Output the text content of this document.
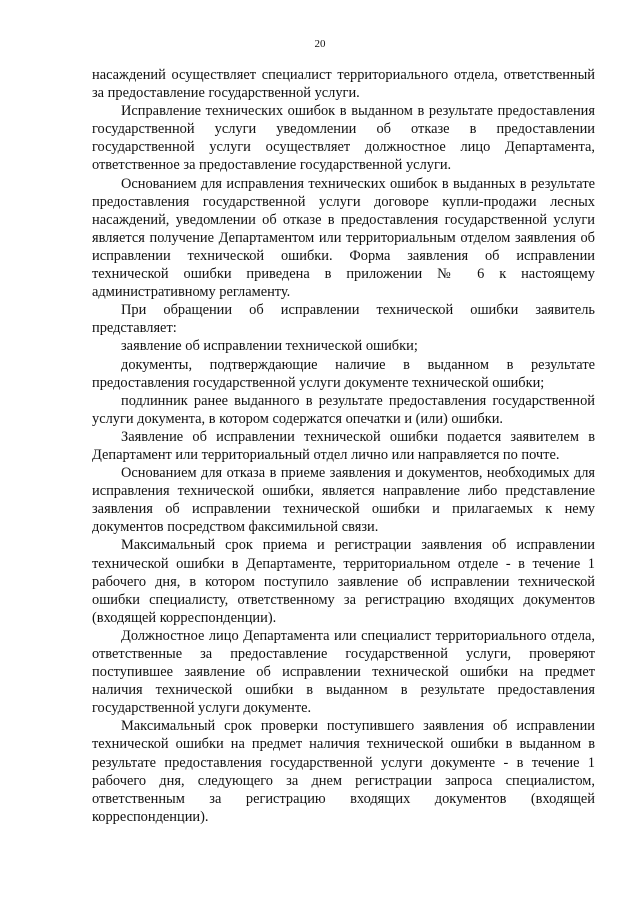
20

насаждений осуществляет специалист территориального отдела, ответственный за предоставление государственной услуги.

Исправление технических ошибок в выданном в результате предоставления государственной услуги уведомлении об отказе в предоставлении государственной услуги осуществляет должностное лицо Департамента, ответственное за предоставление государственной услуги.

Основанием для исправления технических ошибок в выданных в результате предоставления государственной услуги договоре купли-продажи лесных насаждений, уведомлении об отказе в предоставления государственной услуги является получение Департаментом или территориальным отделом заявления об исправлении технической ошибки. Форма заявления об исправлении технической ошибки приведена в приложении № 6 к настоящему административному регламенту.

При обращении об исправлении технической ошибки заявитель представляет:

заявление об исправлении технической ошибки;

документы, подтверждающие наличие в выданном в результате предоставления государственной услуги документе технической ошибки;

подлинник ранее выданного в результате предоставления государственной услуги документа, в котором содержатся опечатки и (или) ошибки.

Заявление об исправлении технической ошибки подается заявителем в Департамент или территориальный отдел лично или направляется по почте.

Основанием для отказа в приеме заявления и документов, необходимых для исправления технической ошибки, является направление либо представление заявления об исправлении технической ошибки и прилагаемых к нему документов посредством факсимильной связи.

Максимальный срок приема и регистрации заявления об исправлении технической ошибки в Департаменте, территориальном отделе - в течение 1 рабочего дня, в котором поступило заявление об исправлении технической ошибки специалисту, ответственному за регистрацию входящих документов (входящей корреспонденции).

Должностное лицо Департамента или специалист территориального отдела, ответственные за предоставление государственной услуги, проверяют поступившее заявление об исправлении технической ошибки на предмет наличия технической ошибки в выданном в результате предоставления государственной услуги документе.

Максимальный срок проверки поступившего заявления об исправлении технической ошибки на предмет наличия технической ошибки в выданном в результате предоставления государственной услуги документе - в течение 1 рабочего дня, следующего за днем регистрации запроса специалистом, ответственным за регистрацию входящих документов (входящей корреспонденции).
